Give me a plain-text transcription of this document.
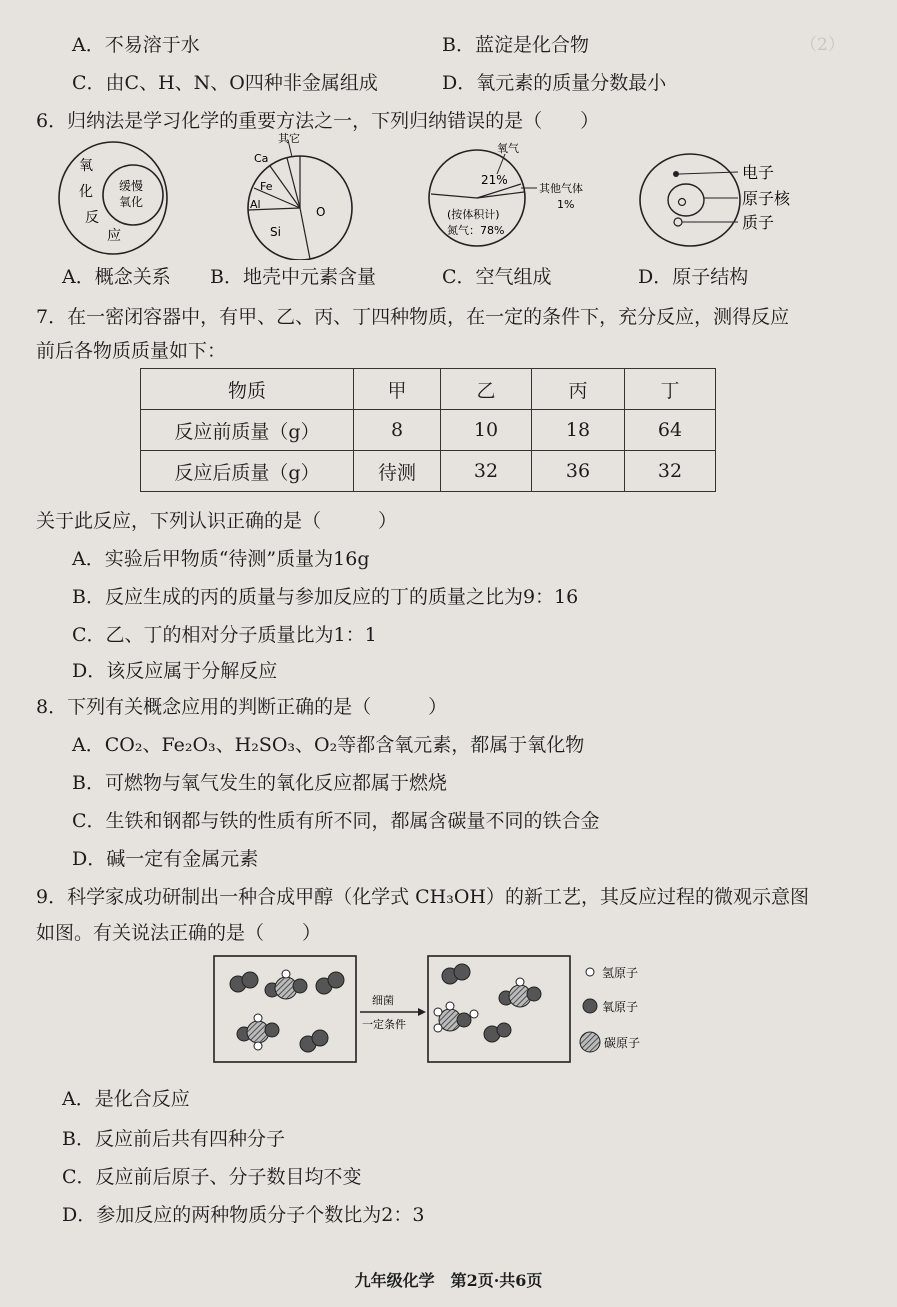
（2）

A．不易溶于水	B．蓝淀是化合物
C．由C、H、N、O四种非金属组成	D．氧元素的质量分数最小
6．归纳法是学习化学的重要方法之一，下列归纳错误的是（　　）
氧
化
反
应
缓慢
氧化
其它
Ca
Fe
Al
O
Si
氧气
21%
其他气体
1%
(按体积计)
氮气：78%
电子
原子核
质子
A．概念关系 B．地壳中元素含量	C．空气组成	D．原子结构
7．在一密闭容器中，有甲、乙、丙、丁四种物质，在一定的条件下，充分反应，测得反应
前后各物质质量如下：
物质	甲	乙	丙	丁
反应前质量（g）	8	10	18	64
反应后质量（g）	待测	32	36	32
关于此反应，下列认识正确的是（　　　）
A．实验后甲物质“待测”质量为16g
B．反应生成的丙的质量与参加反应的丁的质量之比为9：16
C．乙、丁的相对分子质量比为1：1
D．该反应属于分解反应
8．下列有关概念应用的判断正确的是（　　　）
A．CO₂、Fe₂O₃、H₂SO₃、O₂等都含氧元素，都属于氧化物
B．可燃物与氧气发生的氧化反应都属于燃烧
C．生铁和钢都与铁的性质有所不同，都属含碳量不同的铁合金
D．碱一定有金属元素
9．科学家成功研制出一种合成甲醇（化学式 CH₃OH）的新工艺，其反应过程的微观示意图
如图。有关说法正确的是（　　）
细菌
一定条件
氢原子
氧原子
碳原子
A．是化合反应
B．反应前后共有四种分子
C．反应前后原子、分子数目均不变
D．参加反应的两种物质分子个数比为2：3
九年级化学　第2页·共6页
